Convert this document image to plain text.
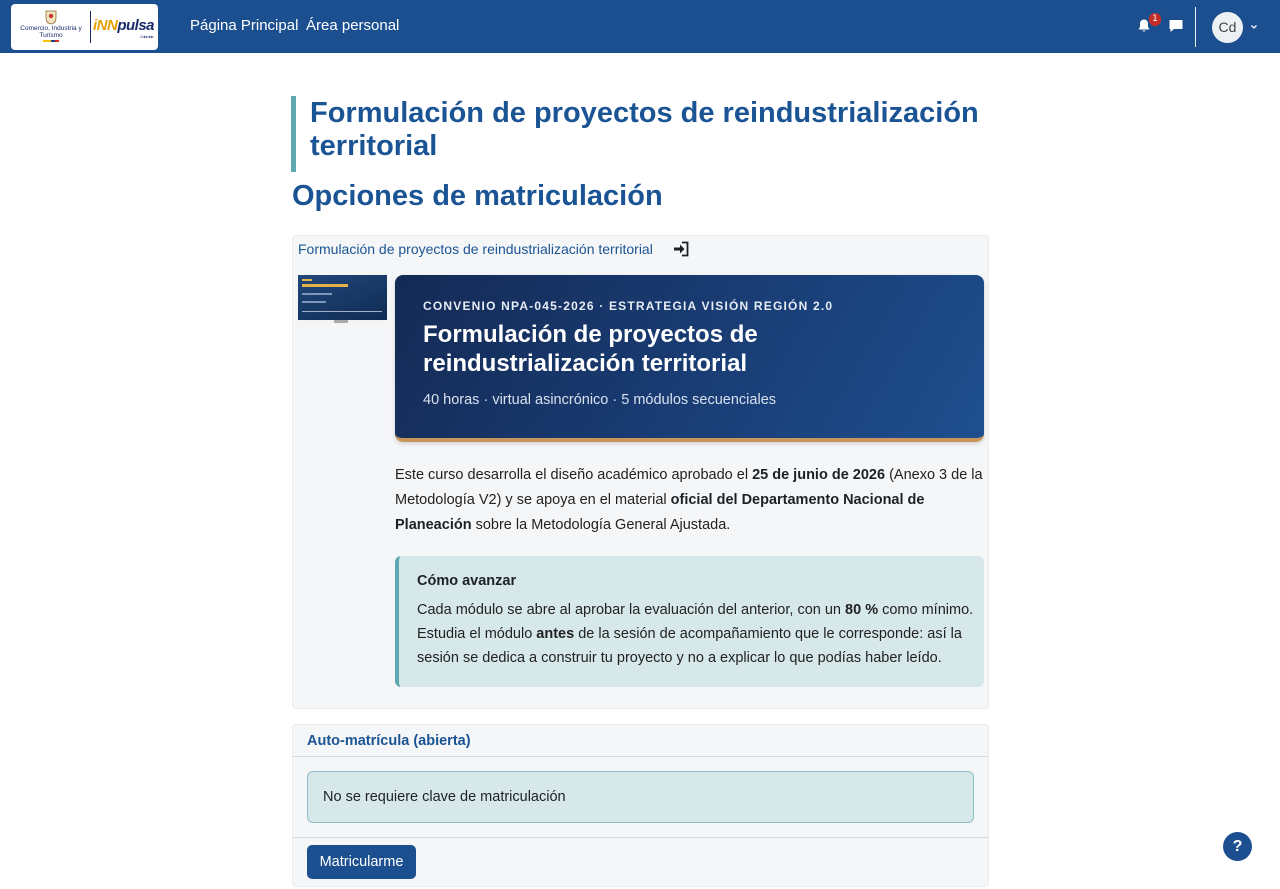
Comercio, Industria y Turismo
iNNpulsa
Colombia
Página Principal Área personal	1	Cd
Formulación de proyectos de reindustrialización territorial
Opciones de matriculación
Formulación de proyectos de reindustrialización territorial
CONVENIO NPA-045-2026 · ESTRATEGIA VISIÓN REGIÓN 2.0
Formulación de proyectos de reindustrialización territorial
40 horas · virtual asincrónico · 5 módulos secuenciales

Este curso desarrolla el diseño académico aprobado el 25 de junio de 2026 (Anexo 3 de la Metodología V2) y se apoya en el material oficial del Departamento Nacional de Planeación sobre la Metodología General Ajustada.

Cómo avanzar
Cada módulo se abre al aprobar la evaluación del anterior, con un 80 % como mínimo. Estudia el módulo antes de la sesión de acompañamiento que le corresponde: así la sesión se dedica a construir tu proyecto y no a explicar lo que podías haber leído.
Auto-matrícula (abierta)
No se requiere clave de matriculación
Matricularme
?
